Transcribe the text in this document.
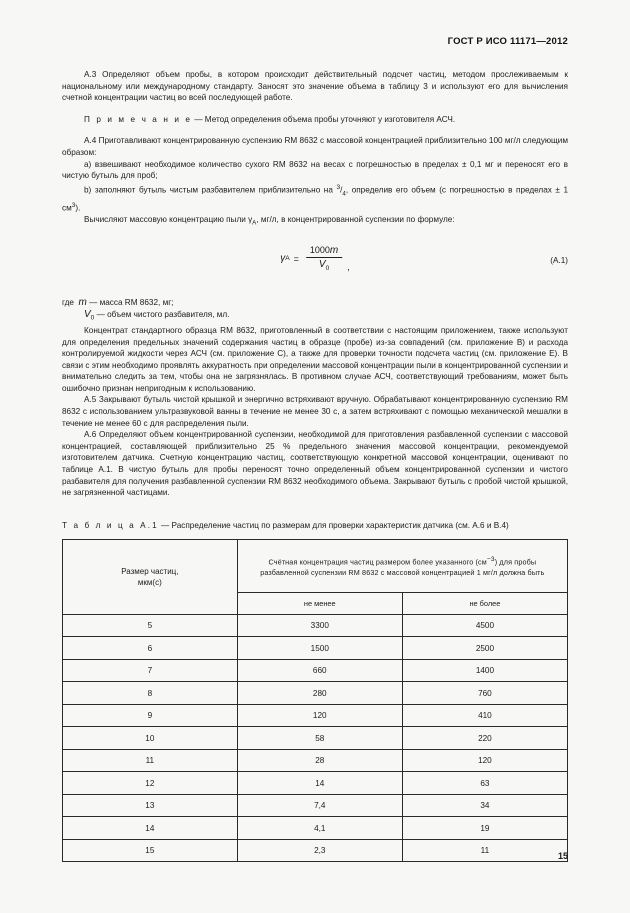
ГОСТ Р ИСО 11171—2012

А.3 Определяют объем пробы, в котором происходит действительный подсчет частиц, методом прослеживаемым к национальному или международному стандарту. Заносят это значение объема в таблицу 3 и используют его для вычисления счетной концентрации частиц во всей последующей работе.

П р и м е ч а н и е — Метод определения объема пробы уточняют у изготовителя АСЧ.

А.4 Приготавливают концентрированную суспензию RM 8632 с массовой концентрацией приблизительно 100 мг/л следующим образом:

a) взвешивают необходимое количество сухого RM 8632 на весах с погрешностью в пределах ± 0,1 мг и переносят его в чистую бутыль для проб;

b) заполняют бутыль чистым разбавителем приблизительно на $^3/_4$, определив его объем (с погрешностью в пределах ± 1 $см^3$).

Вычисляют массовую концентрацию пыли $\gamma_A$, мг/л, в концентрированной суспензии по формуле:

γ $A = \frac{1000m}{V_0}$ ,
(А.1)
где m — масса RM 8632, мг;
$V_0$ — объем чистого разбавителя, мл.

Концентрат стандартного образца RM 8632, приготовленный в соответствии с настоящим приложением, также используют для определения предельных значений содержания частиц в образце (пробе) из-за совпадений (см. приложение B) и расхода контролируемой жидкости через АСЧ (см. приложение C), а также для проверки точности подсчета частиц (см. приложение E). В связи с этим необходимо проявлять аккуратность при определении массовой концентрации пыли в концентрированной суспензии и внимательно следить за тем, чтобы она не загрязнялась. В противном случае АСЧ, соответствующий требованиям, может быть ошибочно признан непригодным к использованию.

А.5 Закрывают бутыль чистой крышкой и энергично встряхивают вручную. Обрабатывают концентрированную суспензию RM 8632 с использованием ультразвуковой ванны в течение не менее 30 с, а затем встряхивают с помощью механической мешалки в течение не менее 60 с для распределения пыли.

А.6 Определяют объем концентрированной суспензии, необходимой для приготовления разбавленной суспензии с массовой концентрацией, составляющей приблизительно 25 % предельного значения массовой концентрации, рекомендуемой изготовителем датчика. Счетную концентрацию частиц, соответствующую конкретной массовой концентрации, оценивают по таблице А.1. В чистую бутыль для пробы переносят точно определенный объем концентрированной суспензии и чистого разбавителя для получения разбавленной суспензии RM 8632 необходимого объема. Закрывают бутыль с пробой чистой крышкой, не загрязненной частицами.

Т а б л и ц а А.1 — Распределение частиц по размерам для проверки характеристик датчика (см. А.6 и B.4)
Размер частиц,
мкм(с)	Счётная концентрация частиц размером более указанного $(см^{-3})$ для пробы разбавленной суспензии RM 8632 с массовой концентрацией 1 мг/л должна быть	
	не менее	не более
5	3300	4500
6	1500	2500
7	660	1400
8	280	760
9	120	410
10	58	220
11	28	120
12	14	63
13	7,4	34
14	4,1	19
15	2,3	11
15
